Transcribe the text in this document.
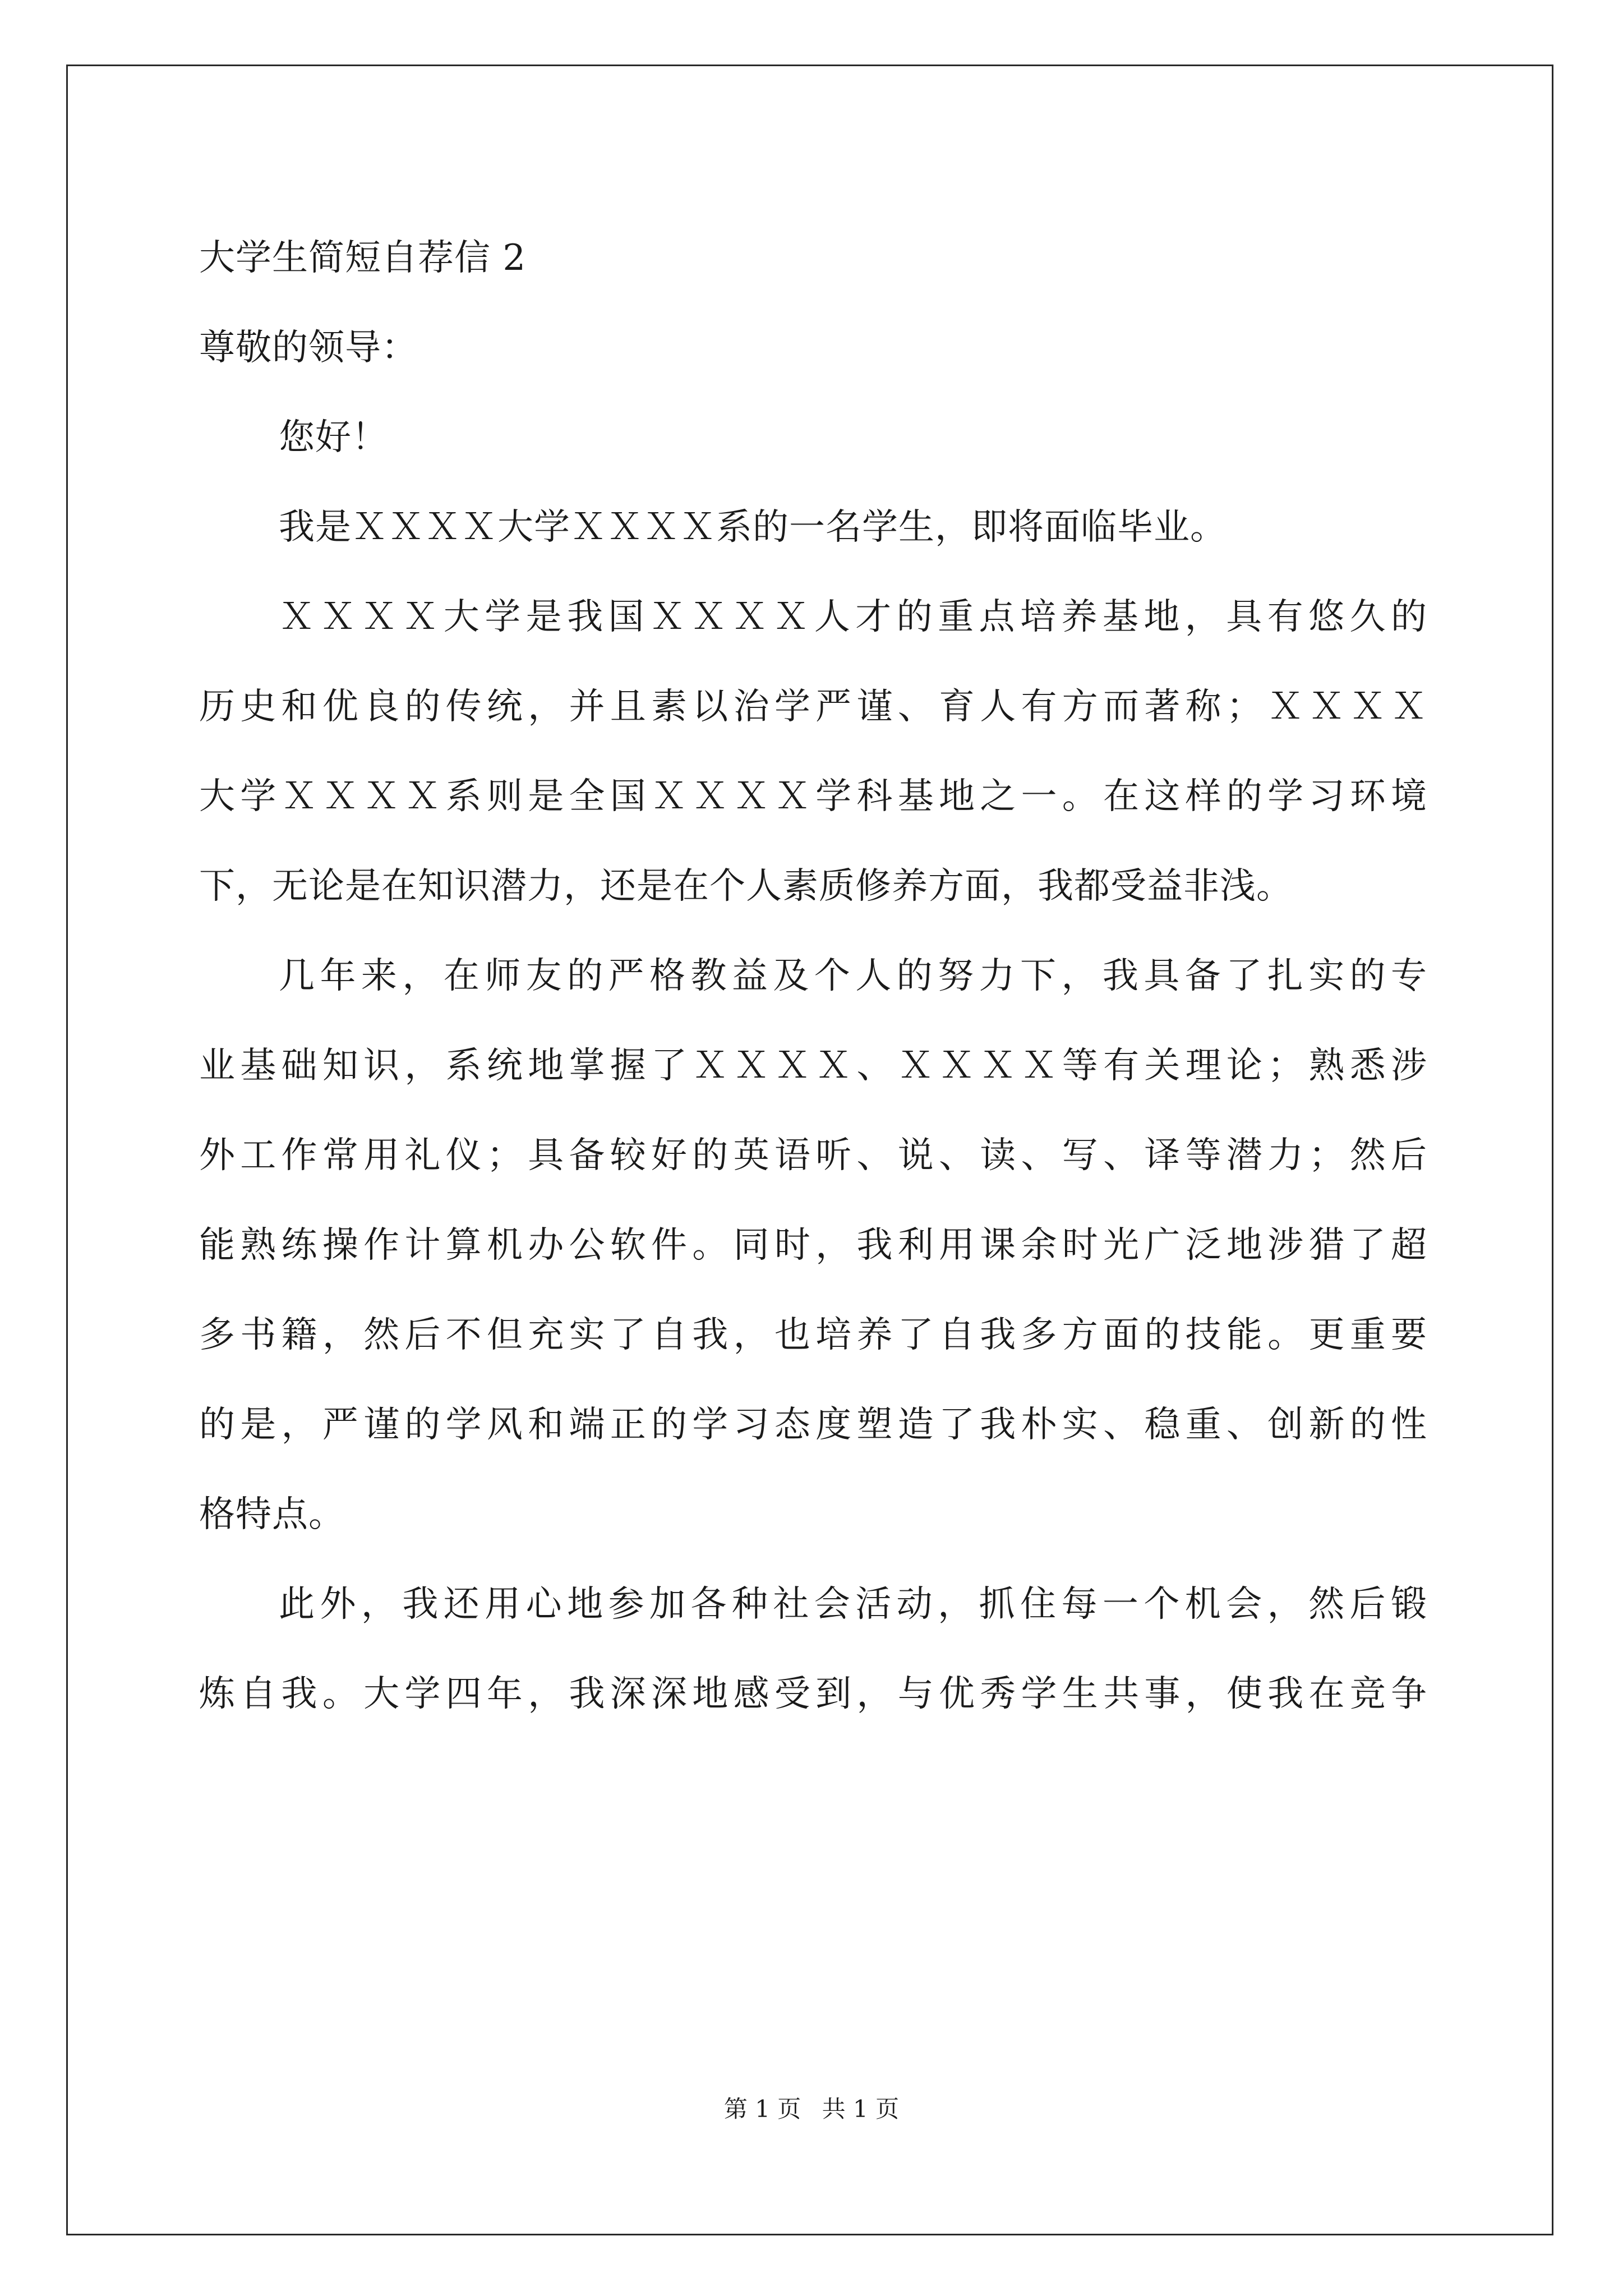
大学生简短自荐信 2
尊敬的领导：
您好！
我是ＸＸＸＸ大学ＸＸＸＸ系的一名学生，即将面临毕业。
ＸＸＸＸ大学是我国ＸＸＸＸ人才的重点培养基地，具有悠久的
历史和优良的传统，并且素以治学严谨、育人有方而著称；ＸＸＸＸ
大学ＸＸＸＸ系则是全国ＸＸＸＸ学科基地之一。在这样的学习环境
下，无论是在知识潜力，还是在个人素质修养方面，我都受益非浅。
几年来，在师友的严格教益及个人的努力下，我具备了扎实的专
业基础知识，系统地掌握了ＸＸＸＸ、ＸＸＸＸ等有关理论；熟悉涉
外工作常用礼仪；具备较好的英语听、说、读、写、译等潜力；然后
能熟练操作计算机办公软件。同时，我利用课余时光广泛地涉猎了超
多书籍，然后不但充实了自我，也培养了自我多方面的技能。更重要
的是，严谨的学风和端正的学习态度塑造了我朴实、稳重、创新的性
格特点。
此外，我还用心地参加各种社会活动，抓住每一个机会，然后锻
炼自我。大学四年，我深深地感受到，与优秀学生共事，使我在竞争
第 1 页 共 1 页
